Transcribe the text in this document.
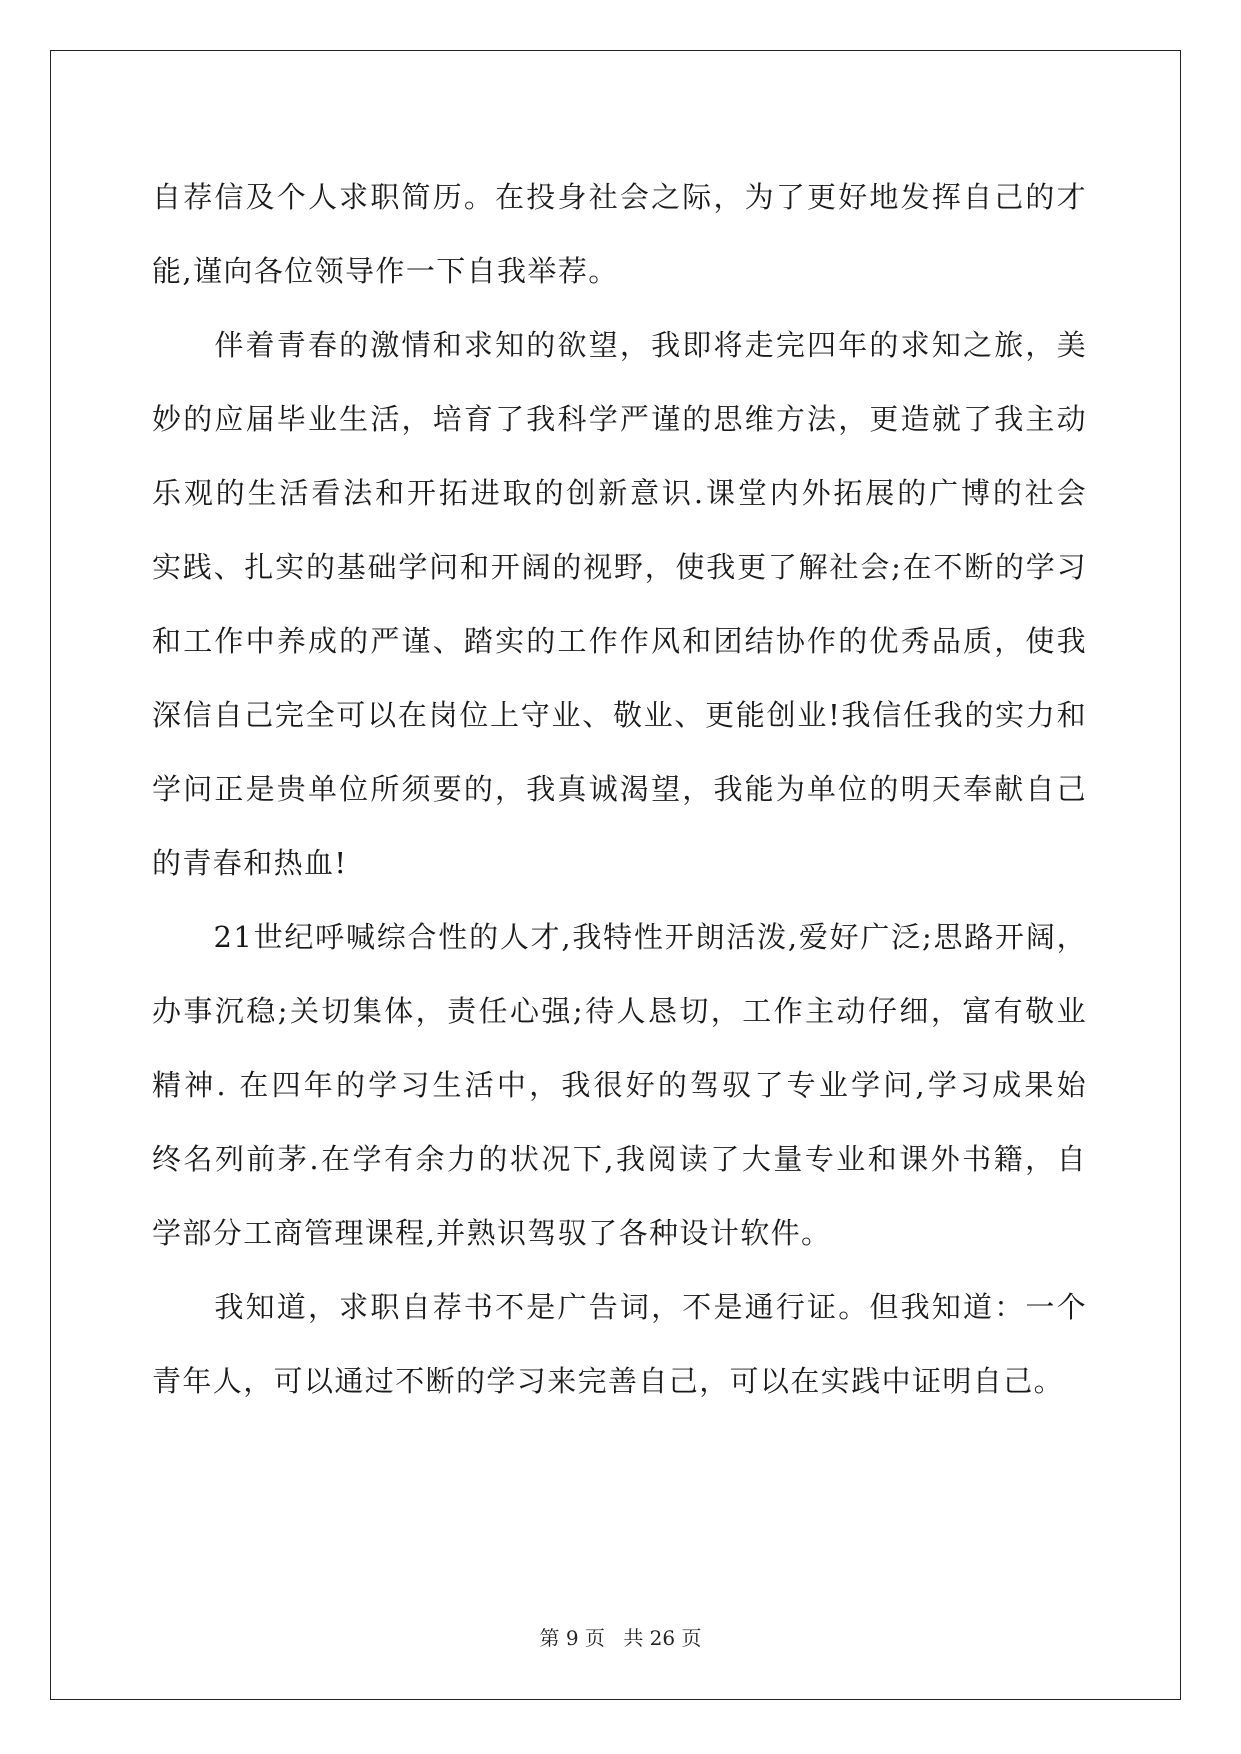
自荐信及个人求职简历。在投身社会之际，为了更好地发挥自己的才
能,谨向各位领导作一下自我举荐。
　　伴着青春的激情和求知的欲望，我即将走完四年的求知之旅，美
妙的应届毕业生活，培育了我科学严谨的思维方法，更造就了我主动
乐观的生活看法和开拓进取的创新意识.课堂内外拓展的广博的社会
实践、扎实的基础学问和开阔的视野，使我更了解社会;在不断的学习
和工作中养成的严谨、踏实的工作作风和团结协作的优秀品质，使我
深信自己完全可以在岗位上守业、敬业、更能创业!我信任我的实力和
学问正是贵单位所须要的，我真诚渴望，我能为单位的明天奉献自己
的青春和热血!
　　21世纪呼喊综合性的人才,我特性开朗活泼,爱好广泛;思路开阔，
办事沉稳;关切集体，责任心强;待人恳切，工作主动仔细，富有敬业
精神. 在四年的学习生活中，我很好的驾驭了专业学问,学习成果始
终名列前茅.在学有余力的状况下,我阅读了大量专业和课外书籍，自
学部分工商管理课程,并熟识驾驭了各种设计软件。
　　我知道，求职自荐书不是广告词，不是通行证。但我知道：一个
青年人，可以通过不断的学习来完善自己，可以在实践中证明自己。
第 9 页 共 26 页
